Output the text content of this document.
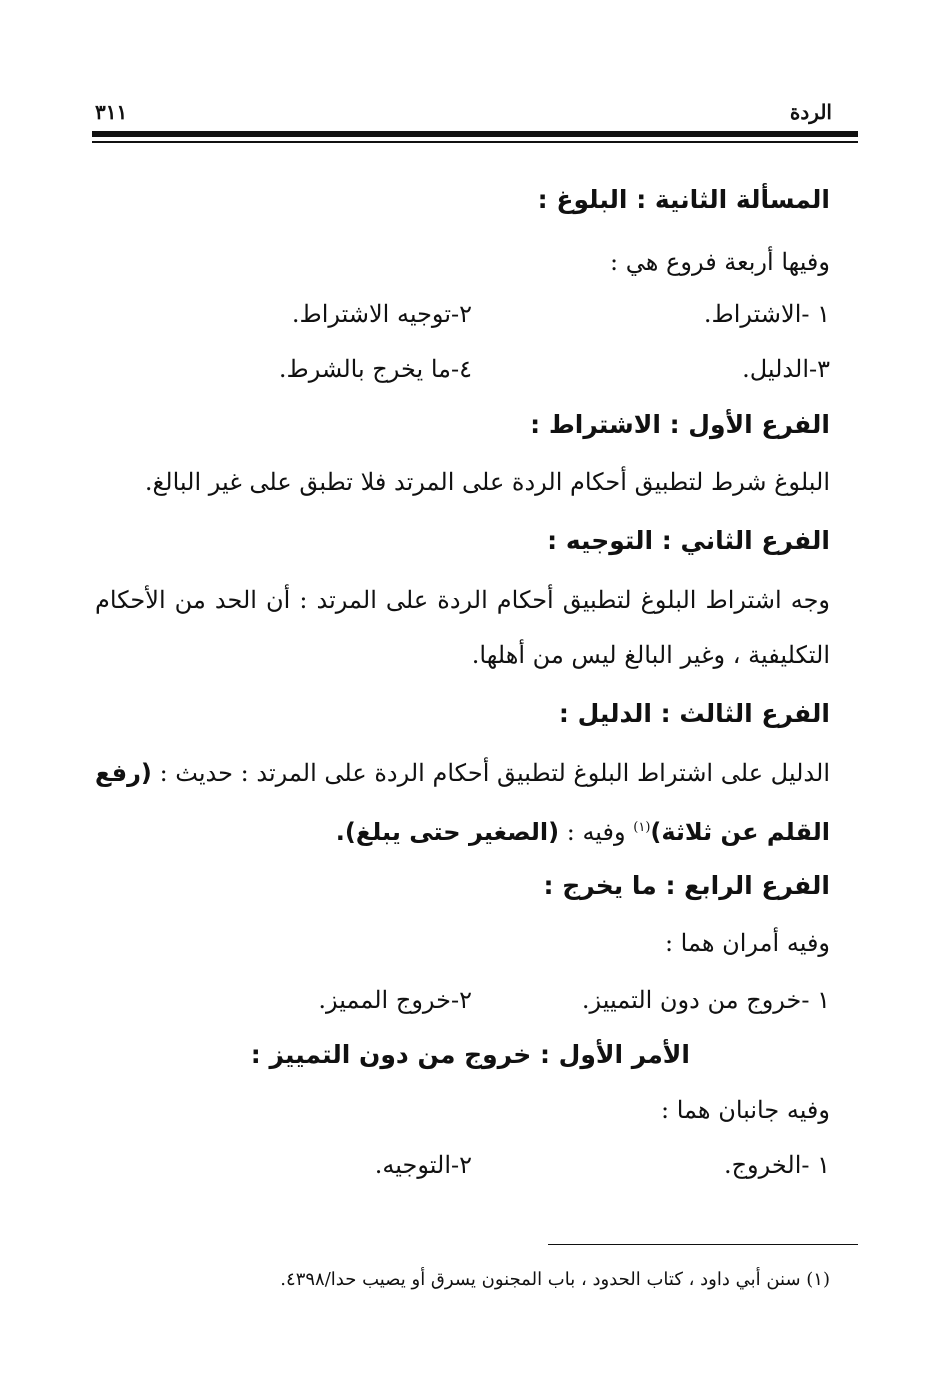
الردة
٣١١
المسألة الثانية : البلوغ :
وفيها أربعة فروع هي :
١ -الاشتراط.
٢-توجيه الاشتراط.
٣-الدليل.
٤-ما يخرج بالشرط.
الفرع الأول : الاشتراط :
البلوغ شرط لتطبيق أحكام الردة على المرتد فلا تطبق على غير البالغ.
الفرع الثاني : التوجيه :
وجه اشتراط البلوغ لتطبيق أحكام الردة على المرتد : أن الحد من الأحكام
التكليفية ، وغير البالغ ليس من أهلها.
الفرع الثالث : الدليل :
الدليل على اشتراط البلوغ لتطبيق أحكام الردة على المرتد : حديث : (رفع
القلم عن ثلاثة)$^{(١)}$ وفيه : (الصغير حتى يبلغ).
الفرع الرابع : ما يخرج :
وفيه أمران هما :
١ -خروج من دون التمييز.
٢-خروج المميز.
الأمر الأول : خروج من دون التمييز :
وفيه جانبان هما :
١ -الخروج.
٢-التوجيه.
(١) سنن أبي داود ، كتاب الحدود ، باب المجنون يسرق أو يصيب حدا/٤٣٩٨.
